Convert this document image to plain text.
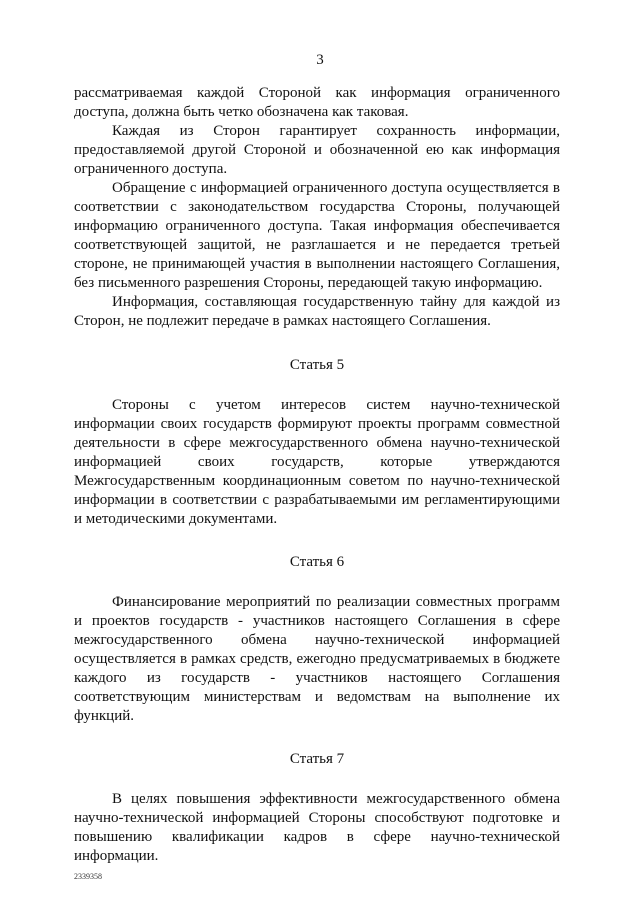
3

рассматриваемая каждой Стороной как информация ограниченного доступа, должна быть четко обозначена как таковая.

Каждая из Сторон гарантирует сохранность информации, предоставляемой другой Стороной и обозначенной ею как информация ограниченного доступа.

Обращение с информацией ограниченного доступа осуществляется в соответствии с законодательством государства Стороны, получающей информацию ограниченного доступа. Такая информация обеспечивается соответствующей защитой, не разглашается и не передается третьей стороне, не принимающей участия в выполнении настоящего Соглашения, без письменного разрешения Стороны, передающей такую информацию.

Информация, составляющая государственную тайну для каждой из Сторон, не подлежит передаче в рамках настоящего Соглашения.

Статья 5

Стороны с учетом интересов систем научно-технической информации своих государств формируют проекты программ совместной деятельности в сфере межгосударственного обмена научно-технической информацией своих государств, которые утверждаются Межгосударственным координационным советом по научно-технической информации в соответствии с разрабатываемыми им регламентирующими и методическими документами.

Статья 6

Финансирование мероприятий по реализации совместных программ и проектов государств - участников настоящего Соглашения в сфере межгосударственного обмена научно-технической информацией осуществляется в рамках средств, ежегодно предусматриваемых в бюджете каждого из государств - участников настоящего Соглашения соответствующим министерствам и ведомствам на выполнение их функций.

Статья 7

В целях повышения эффективности межгосударственного обмена научно-технической информацией Стороны способствуют подготовке и повышению квалификации кадров в сфере научно-технической информации.

2339358
